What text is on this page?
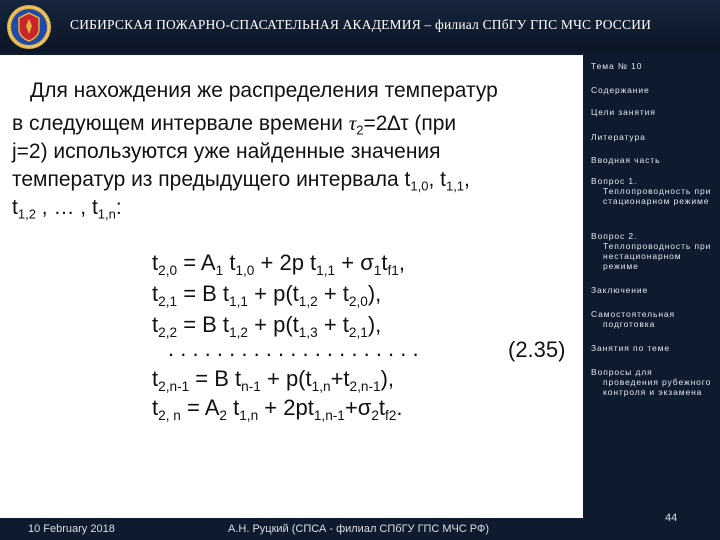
СИБИРСКАЯ ПОЖАРНО-СПАСАТЕЛЬНАЯ АКАДЕМИЯ – филиал СПбГУ ГПС МЧС РОССИИ
Для нахождения же распределения температур
в следующем интервале времени $\tau_2=2\Delta\tau$ (при
j=2) используются уже найденные значения
температур из предыдущего интервала $t_{1,0}$, $t_{1,1}$,
$t_{1,2}$ , … , $t_{1,n}$:
$t_{2,0} = A_1$ $t_{1,0} + 2p$ $t_{1,1} + \sigma_1t_{f1}$,
$t_{2,1} = B$ $t_{1,1} + p(t_{1,2} + t_{2,0})$,
$t_{2,2} = B$ $t_{1,2} + p(t_{1,3} + t_{2,1})$,
. . . . . . . . . . . . . . . . . . . . .
$t_{2,n-1} = B$ $t_{n-1} + p(t_{1,n}+t_{2,n-1})$,
$t_{2, n} = A_2$ $t_{1,n} + 2pt_{1,n-1}+\sigma_2t_{f2}$.
(2.35)
Тема № 10
Содержание
Цели занятия
Литература
Вводная часть
Вопрос 1.
Теплопроводность при стационарном режиме
Вопрос 2.
Теплопроводность при нестационарном режиме
Заключение
Самостоятельная
подготовка
Занятия по теме
Вопросы для
проведения рубежного контроля и экзамена
10 February 2018	А.Н. Руцкий (СПСА - филиал СПбГУ ГПС МЧС РФ)
44
